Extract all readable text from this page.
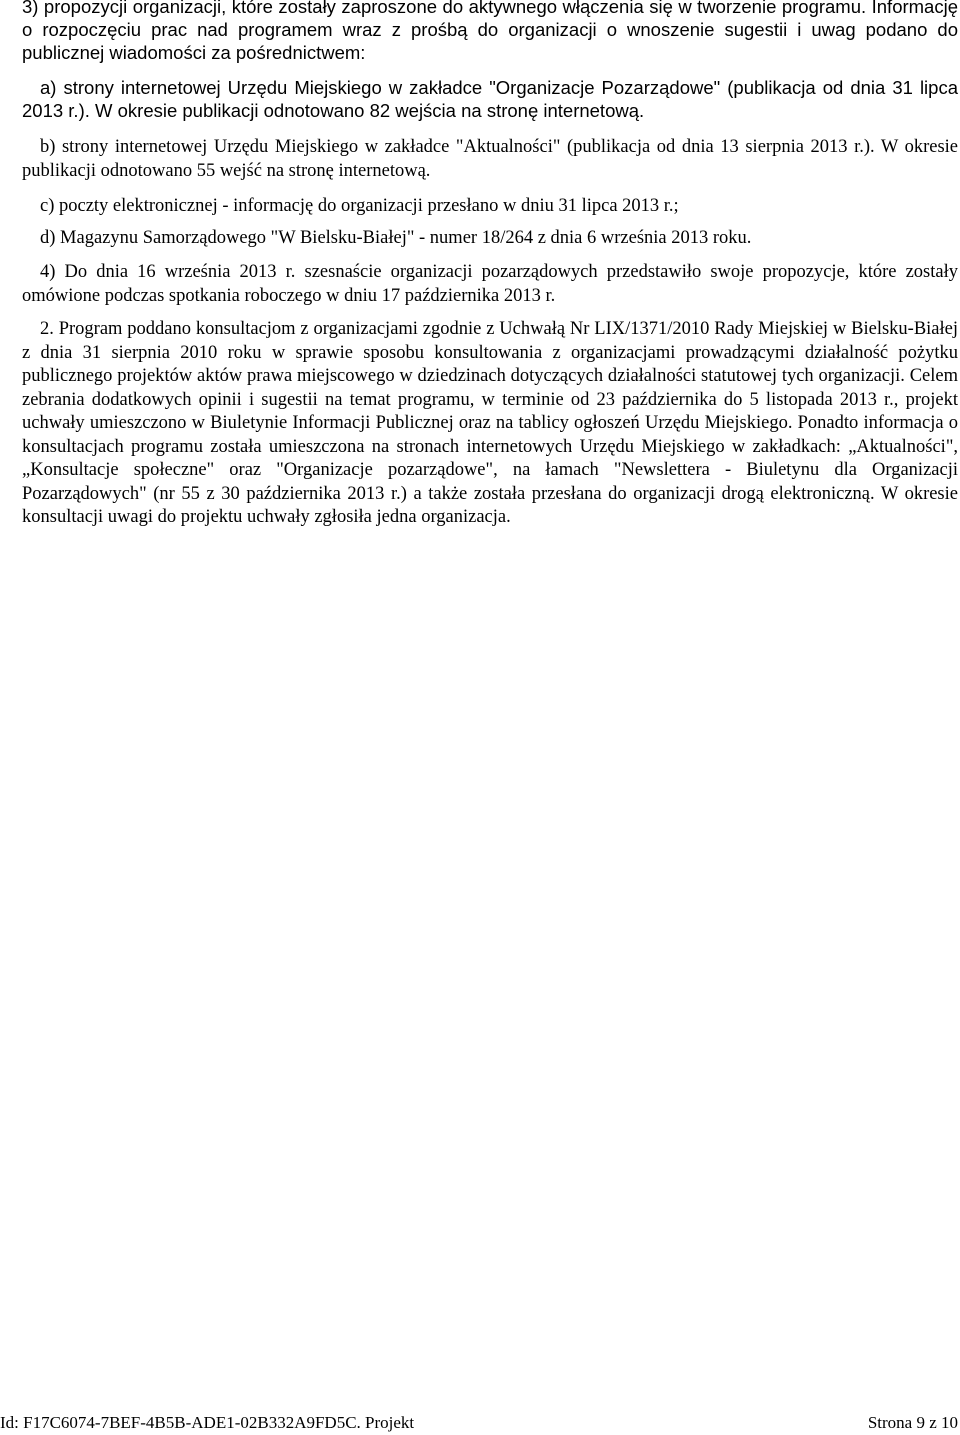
3) propozycji organizacji, które zostały zaproszone do aktywnego włączenia się w tworzenie programu. Informację o rozpoczęciu prac nad programem wraz z prośbą do organizacji o wnoszenie sugestii i uwag podano do publicznej wiadomości za pośrednictwem:

a) strony internetowej Urzędu Miejskiego w zakładce "Organizacje Pozarządowe" (publikacja od dnia 31 lipca 2013 r.). W okresie publikacji odnotowano 82 wejścia na stronę internetową.

b) strony internetowej Urzędu Miejskiego w zakładce "Aktualności" (publikacja od dnia 13 sierpnia 2013 r.). W okresie publikacji odnotowano 55 wejść na stronę internetową.

c) poczty elektronicznej - informację do organizacji przesłano w dniu 31 lipca 2013 r.;

d) Magazynu Samorządowego "W Bielsku-Białej" - numer 18/264 z dnia 6 września 2013 roku.

4) Do dnia 16 września 2013 r. szesnaście organizacji pozarządowych przedstawiło swoje propozycje, które zostały omówione podczas spotkania roboczego w dniu 17 października 2013 r.

2. Program poddano konsultacjom z organizacjami zgodnie z Uchwałą Nr LIX/1371/2010 Rady Miejskiej w Bielsku-Białej z dnia 31 sierpnia 2010 roku w sprawie sposobu konsultowania z organizacjami prowadzącymi działalność pożytku publicznego projektów aktów prawa miejscowego w dziedzinach dotyczących działalności statutowej tych organizacji. Celem zebrania dodatkowych opinii i sugestii na temat programu, w terminie od 23 października do 5 listopada 2013 r., projekt uchwały umieszczono w Biuletynie Informacji Publicznej oraz na tablicy ogłoszeń Urzędu Miejskiego. Ponadto informacja o konsultacjach programu została umieszczona na stronach internetowych Urzędu Miejskiego w zakładkach: „Aktualności", „Konsultacje społeczne" oraz "Organizacje pozarządowe", na łamach "Newslettera - Biuletynu dla Organizacji Pozarządowych" (nr 55 z 30 października 2013 r.) a także została przesłana do organizacji drogą elektroniczną. W okresie konsultacji uwagi do projektu uchwały zgłosiła jedna organizacja.

Id: F17C6074-7BEF-4B5B-ADE1-02B332A9FD5C. Projekt	Strona 9 z 10
